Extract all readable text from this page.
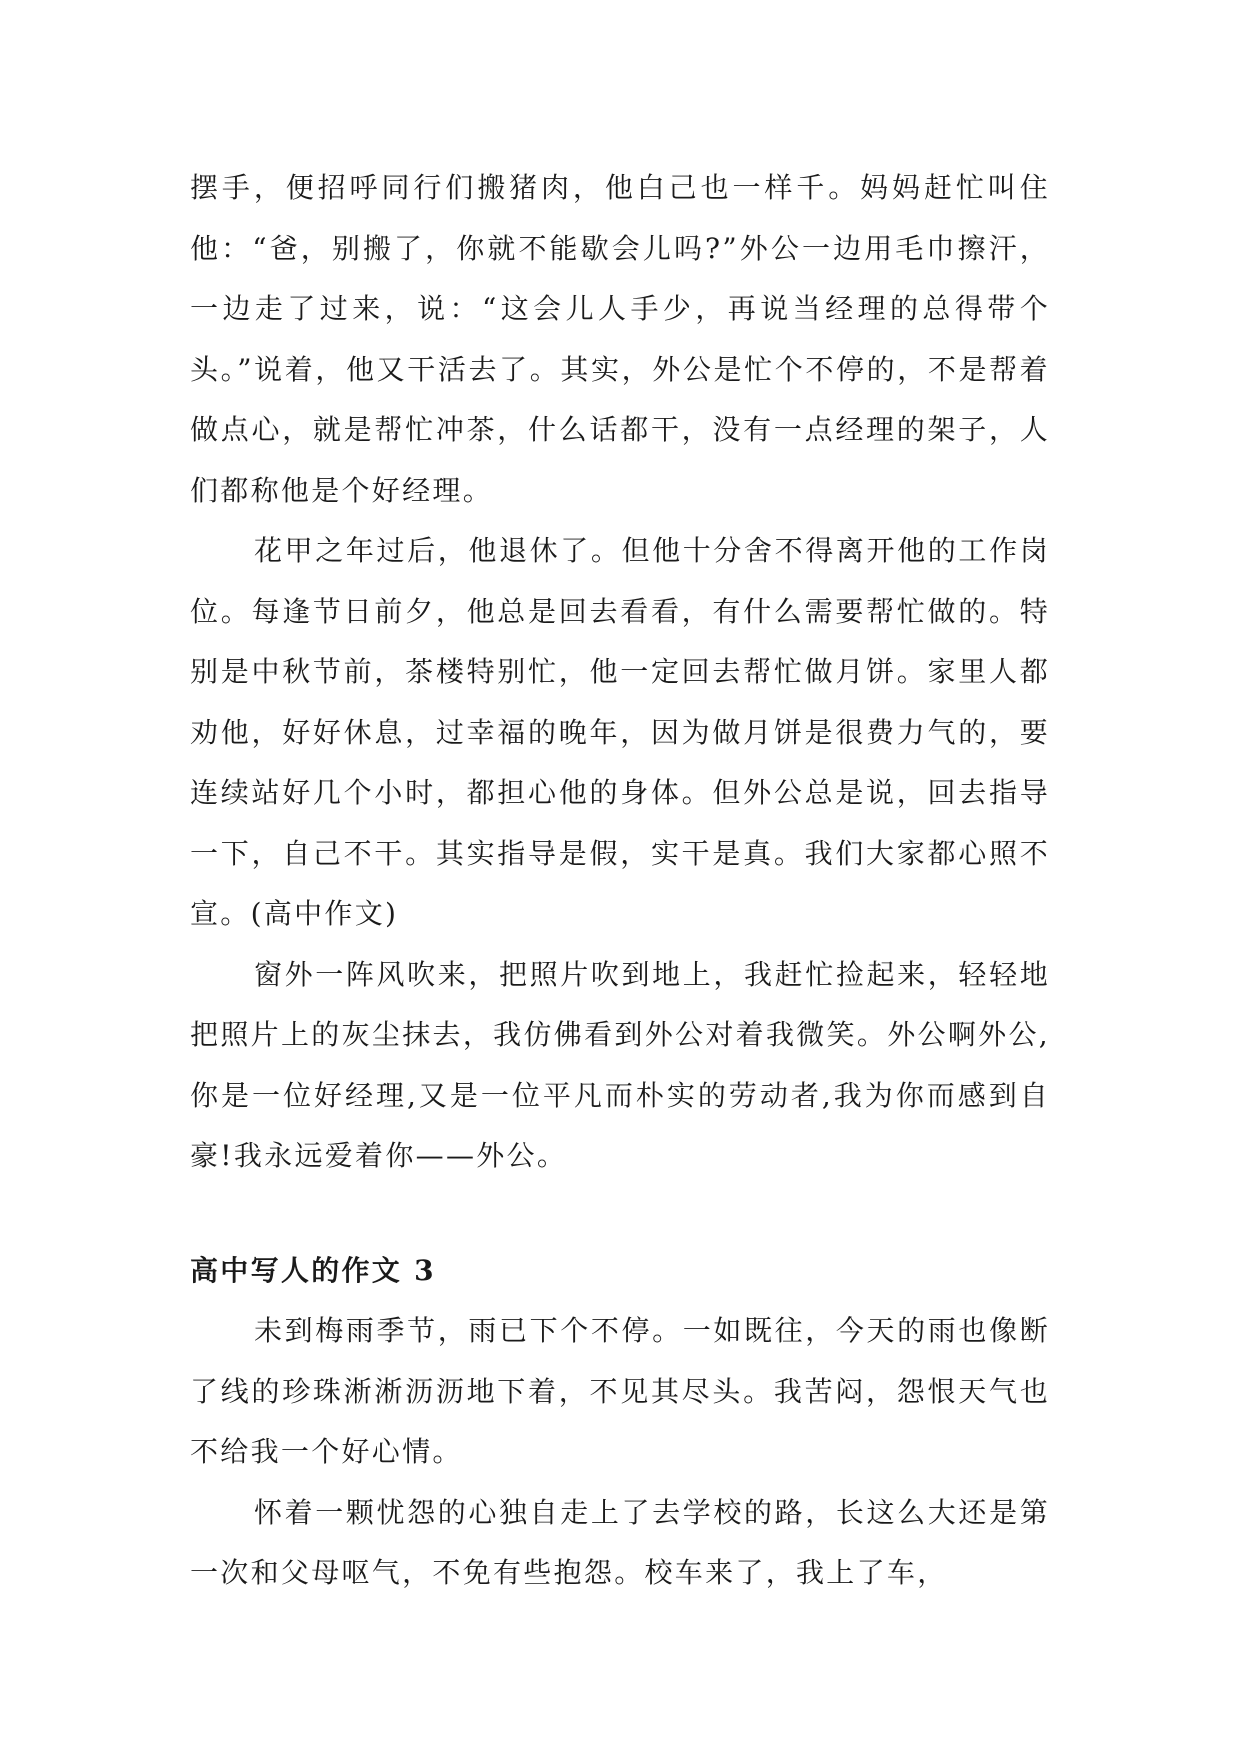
摆手，便招呼同行们搬猪肉，他白己也一样千。妈妈赶忙叫住他：“爸，别搬了，你就不能歇会儿吗?”外公一边用毛巾擦汗，一边走了过来，说：“这会儿人手少，再说当经理的总得带个头。”说着，他又干活去了。其实，外公是忙个不停的，不是帮着做点心，就是帮忙冲茶，什么话都干，没有一点经理的架子，人们都称他是个好经理。

花甲之年过后，他退休了。但他十分舍不得离开他的工作岗位。每逢节日前夕，他总是回去看看，有什么需要帮忙做的。特别是中秋节前，茶楼特别忙，他一定回去帮忙做月饼。家里人都劝他，好好休息，过幸福的晚年，因为做月饼是很费力气的，要连续站好几个小时，都担心他的身体。但外公总是说，回去指导一下，自己不干。其实指导是假，实干是真。我们大家都心照不宣。(高中作文)

窗外一阵风吹来，把照片吹到地上，我赶忙捡起来，轻轻地把照片上的灰尘抹去，我仿佛看到外公对着我微笑。外公啊外公,你是一位好经理,又是一位平凡而朴实的劳动者,我为你而感到自豪!我永远爱着你——外公。

高中写人的作文 3

未到梅雨季节，雨已下个不停。一如既往，今天的雨也像断了线的珍珠淅淅沥沥地下着，不见其尽头。我苦闷，怨恨天气也不给我一个好心情。

怀着一颗忧怨的心独自走上了去学校的路，长这么大还是第一次和父母呕气，不免有些抱怨。校车来了，我上了车，
